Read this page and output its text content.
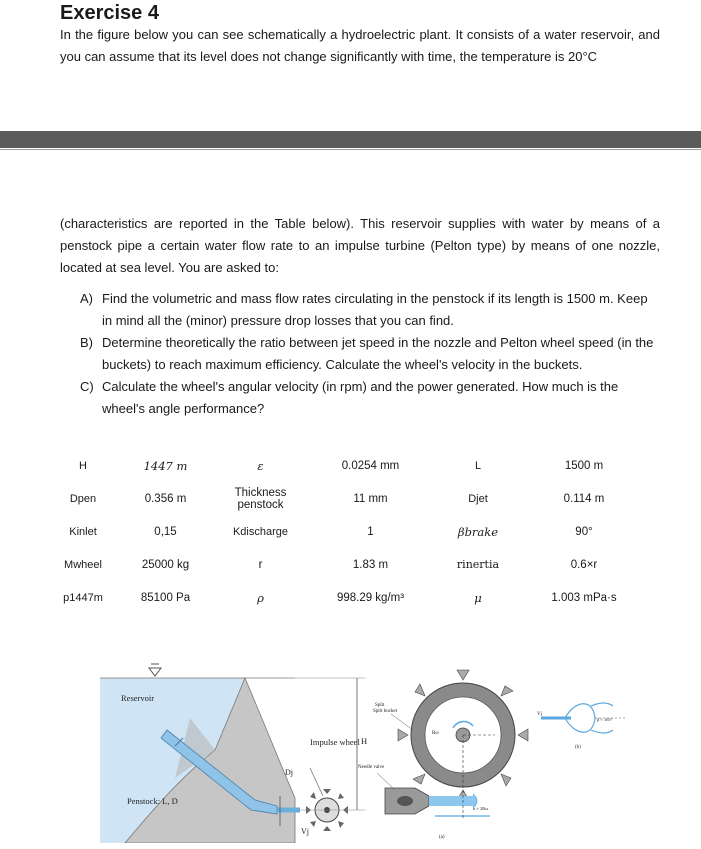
Exercise 4
In the figure below you can see schematically a hydroelectric plant. It consists of a water reservoir, and you can assume that its level does not change significantly with time, the temperature is 20°C
(characteristics are reported in the Table below). This reservoir supplies with water by means of a penstock pipe a certain water flow rate to an impulse turbine (Pelton type) by means of one nozzle, located at sea level. You are asked to:
A) Find the volumetric and mass flow rates circulating in the penstock if its length is 1500 m. Keep in mind all the (minor) pressure drop losses that you can find.
B) Determine theoretically the ratio between jet speed in the nozzle and Pelton wheel speed (in the buckets) to reach maximum efficiency. Calculate the wheel's velocity in the buckets.
C) Calculate the wheel's angular velocity (in rpm) and the power generated. How much is the wheel's angle performance?
H	1447 m	ε	0.0254 mm	L	1500 m
Dpen	0.356 m	Thickness penstock	11 mm	Djet	0.114 m
Kinlet	0,15	Kdischarge	1	βbrake	90°
Mwheel	25000 kg	r	1.83 m	rinertia	0.6×r
p1447m	85100 Pa	ρ	998.29 kg/m³	μ	1.003 mPa·s
Reservoir
Penstock: L, D
Impulse wheel H
Dj
Vj
Split
Split bucket
Needle valve
Rω
u ≈ 2Rω
(a)
Vj
β ≈ 165°
(b)
